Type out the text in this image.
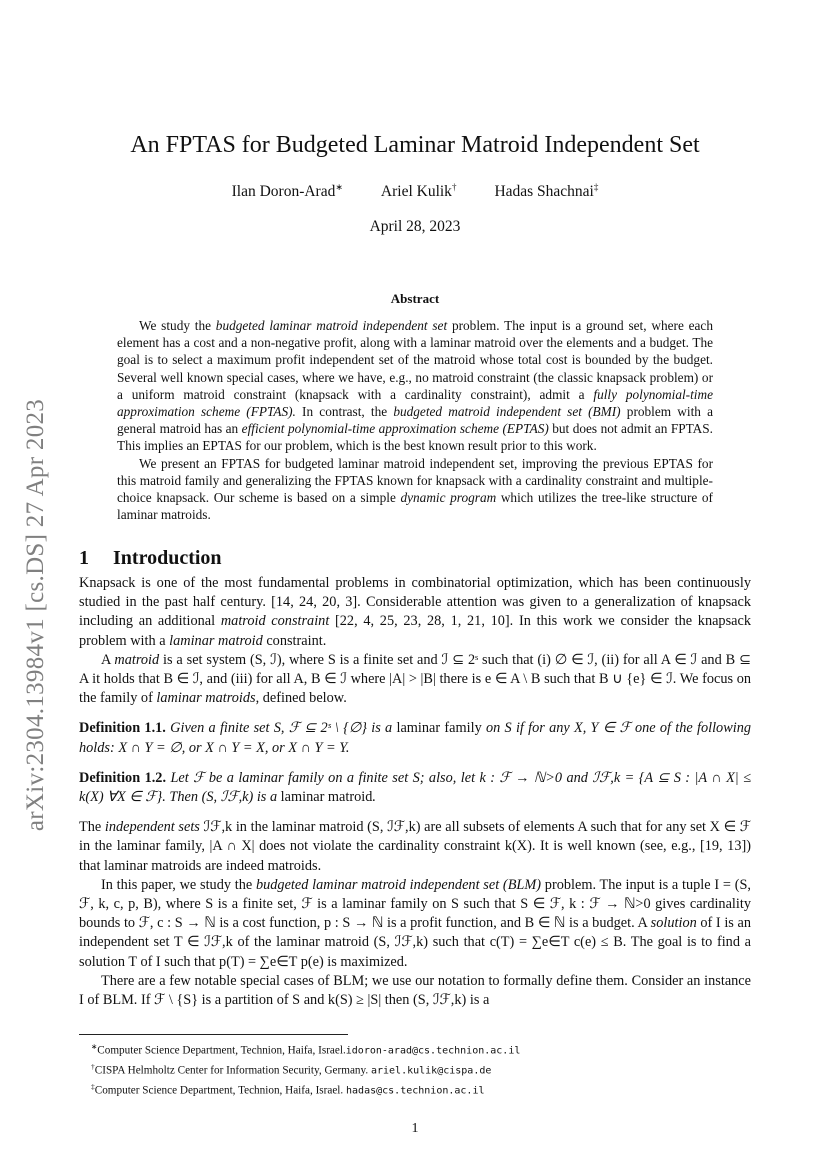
arXiv:2304.13984v1 [cs.DS] 27 Apr 2023
An FPTAS for Budgeted Laminar Matroid Independent Set
Ilan Doron-Arad∗ Ariel Kulik† Hadas Shachnai‡
April 28, 2023
Abstract

We study the budgeted laminar matroid independent set problem. The input is a ground set, where each element has a cost and a non-negative profit, along with a laminar matroid over the elements and a budget. The goal is to select a maximum profit independent set of the matroid whose total cost is bounded by the budget. Several well known special cases, where we have, e.g., no matroid constraint (the classic knapsack problem) or a uniform matroid constraint (knapsack with a cardinality constraint), admit a fully polynomial-time approximation scheme (FPTAS). In contrast, the budgeted matroid independent set (BMI) problem with a general matroid has an efficient polynomial-time approximation scheme (EPTAS) but does not admit an FPTAS. This implies an EPTAS for our problem, which is the best known result prior to this work.

We present an FPTAS for budgeted laminar matroid independent set, improving the previous EPTAS for this matroid family and generalizing the FPTAS known for knapsack with a cardinality constraint and multiple-choice knapsack. Our scheme is based on a simple dynamic program which utilizes the tree-like structure of laminar matroids.

1 Introduction

Knapsack is one of the most fundamental problems in combinatorial optimization, which has been continuously studied in the past half century. [14, 24, 20, 3]. Considerable attention was given to a generalization of knapsack including an additional matroid constraint [22, 4, 25, 23, 28, 1, 21, 10]. In this work we consider the knapsack problem with a laminar matroid constraint.

A matroid is a set system (S, ℐ), where S is a finite set and ℐ ⊆ 2ˢ such that (i) ∅ ∈ ℐ, (ii) for all A ∈ ℐ and B ⊆ A it holds that B ∈ ℐ, and (iii) for all A, B ∈ ℐ where |A| > |B| there is e ∈ A \ B such that B ∪ {e} ∈ ℐ. We focus on the family of laminar matroids, defined below.

Definition 1.1. Given a finite set S, ℱ ⊆ 2ˢ \ {∅} is a laminar family on S if for any X, Y ∈ ℱ one of the following holds: X ∩ Y = ∅, or X ∩ Y = X, or X ∩ Y = Y.

Definition 1.2. Let ℱ be a laminar family on a finite set S; also, let k : ℱ → ℕ>0 and ℐℱ,k = {A ⊆ S : |A ∩ X| ≤ k(X) ∀X ∈ ℱ}. Then (S, ℐℱ,k) is a laminar matroid.

The independent sets ℐℱ,k in the laminar matroid (S, ℐℱ,k) are all subsets of elements A such that for any set X ∈ ℱ in the laminar family, |A ∩ X| does not violate the cardinality constraint k(X). It is well known (see, e.g., [19, 13]) that laminar matroids are indeed matroids.

In this paper, we study the budgeted laminar matroid independent set (BLM) problem. The input is a tuple I = (S, ℱ, k, c, p, B), where S is a finite set, ℱ is a laminar family on S such that S ∈ ℱ, k : ℱ → ℕ>0 gives cardinality bounds to ℱ, c : S → ℕ is a cost function, p : S → ℕ is a profit function, and B ∈ ℕ is a budget. A solution of I is an independent set T ∈ ℐℱ,k of the laminar matroid (S, ℐℱ,k) such that c(T) = ∑e∈T c(e) ≤ B. The goal is to find a solution T of I such that p(T) = ∑e∈T p(e) is maximized.

There are a few notable special cases of BLM; we use our notation to formally define them. Consider an instance I of BLM. If ℱ \ {S} is a partition of S and k(S) ≥ |S| then (S, ℐℱ,k) is a

∗Computer Science Department, Technion, Haifa, Israel.idoron-arad@cs.technion.ac.il
†CISPA Helmholtz Center for Information Security, Germany. ariel.kulik@cispa.de
‡Computer Science Department, Technion, Haifa, Israel. hadas@cs.technion.ac.il
1
